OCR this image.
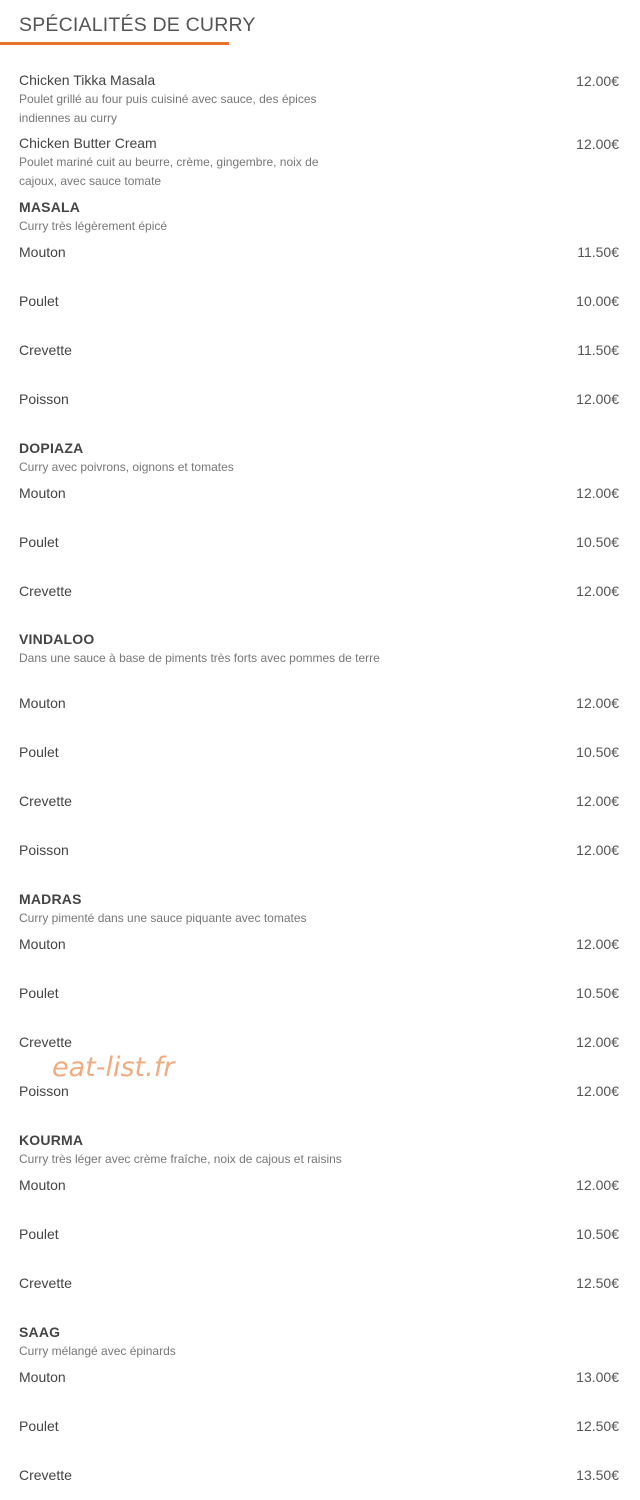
SPÉCIALITÉS DE CURRY
Chicken Tikka Masala	12.00€
Poulet grillé au four puis cuisiné avec sauce, des épices indiennes au curry
Chicken Butter Cream	12.00€
Poulet mariné cuit au beurre, crème, gingembre, noix de cajoux, avec sauce tomate
MASALA
Curry très légèrement épicé
Mouton	11.50€
Poulet	10.00€
Crevette	11.50€
Poisson	12.00€
DOPIAZA
Curry avec poivrons, oignons et tomates
Mouton	12.00€
Poulet	10.50€
Crevette	12.00€
VINDALOO
Dans une sauce à base de piments très forts avec pommes de terre
Mouton	12.00€
Poulet	10.50€
Crevette	12.00€
Poisson	12.00€
MADRAS
Curry pimenté dans une sauce piquante avec tomates
Mouton	12.00€
Poulet	10.50€
Crevette	12.00€
Poisson	12.00€
KOURMA
Curry très léger avec crème fraîche, noix de cajous et raisins
Mouton	12.00€
Poulet	10.50€
Crevette	12.50€
SAAG
Curry mélangé avec épinards
Mouton	13.00€
Poulet	12.50€
Crevette	13.50€
eat-list.fr
